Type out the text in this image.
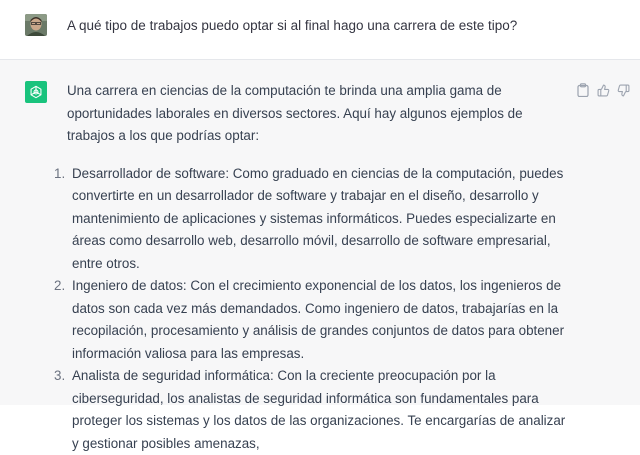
A qué tipo de trabajos puedo optar si al final hago una carrera de este tipo?

Una carrera en ciencias de la computación te brinda una amplia gama de oportunidades laborales en diversos sectores. Aquí hay algunos ejemplos de trabajos a los que podrías optar:

1. Desarrollador de software: Como graduado en ciencias de la computación, puedes convertirte en un desarrollador de software y trabajar en el diseño, desarrollo y mantenimiento de aplicaciones y sistemas informáticos. Puedes especializarte en áreas como desarrollo web, desarrollo móvil, desarrollo de software empresarial, entre otros.
2. Ingeniero de datos: Con el crecimiento exponencial de los datos, los ingenieros de datos son cada vez más demandados. Como ingeniero de datos, trabajarías en la recopilación, procesamiento y análisis de grandes conjuntos de datos para obtener información valiosa para las empresas.
3. Analista de seguridad informática: Con la creciente preocupación por la ciberseguridad, los analistas de seguridad informática son fundamentales para proteger los sistemas y los datos de las organizaciones. Te encargarías de analizar y gestionar posibles amenazas,
